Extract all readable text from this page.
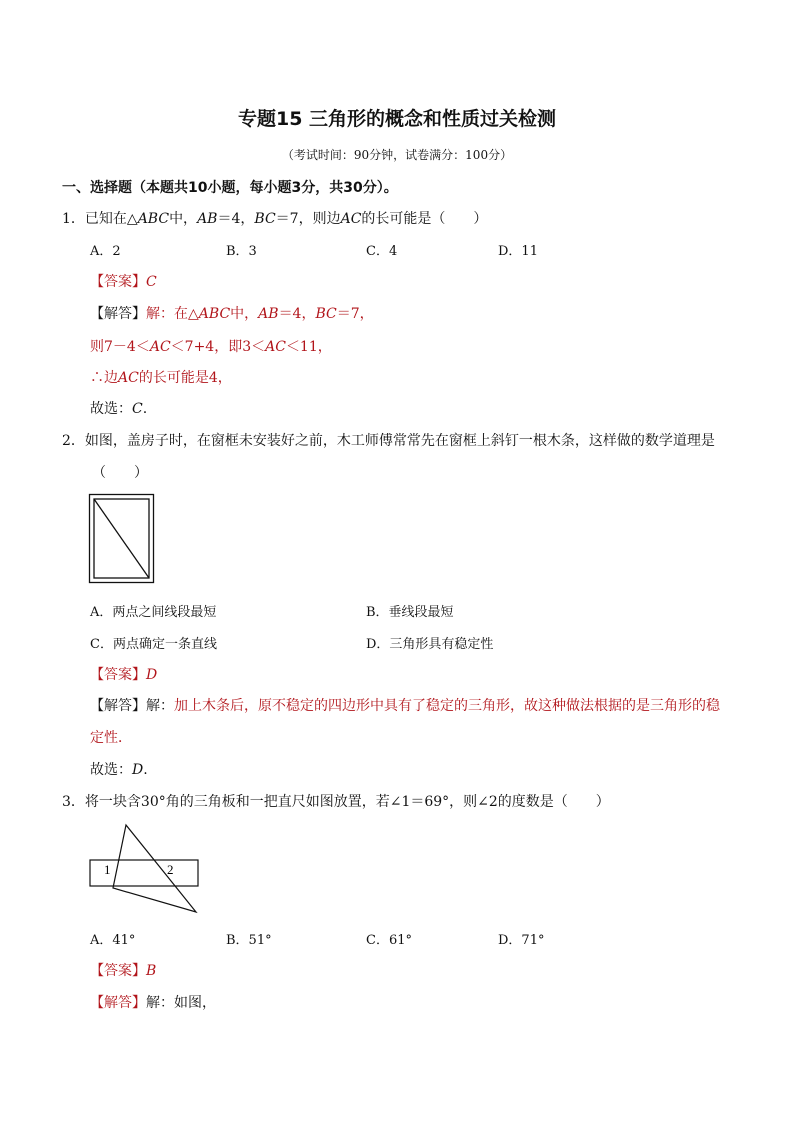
专题15 三角形的概念和性质过关检测
（考试时间：90分钟，试卷满分：100分）
一、选择题（本题共10小题，每小题3分，共30分）。
1．已知在△ABC中，AB＝4，BC＝7，则边AC的长可能是（　　）
A．2	B．3	C．4	D．11
【答案】C
【解答】解：在△ABC中，AB＝4，BC＝7，
则7－4＜AC＜7+4，即3＜AC＜11，
∴边AC的长可能是4，
故选：C.
2．如图，盖房子时，在窗框未安装好之前，木工师傅常常先在窗框上斜钉一根木条，这样做的数学道理是
（　　）
A．两点之间线段最短	B．垂线段最短
C．两点确定一条直线	D．三角形具有稳定性
【答案】D
【解答】解：加上木条后，原不稳定的四边形中具有了稳定的三角形，故这种做法根据的是三角形的稳
定性．
故选：D.
3．将一块含30°角的三角板和一把直尺如图放置，若∠1＝69°，则∠2的度数是（　　）
1	2
A．41°	B．51°	C．61°	D．71°
【答案】B
【解答】解：如图，
